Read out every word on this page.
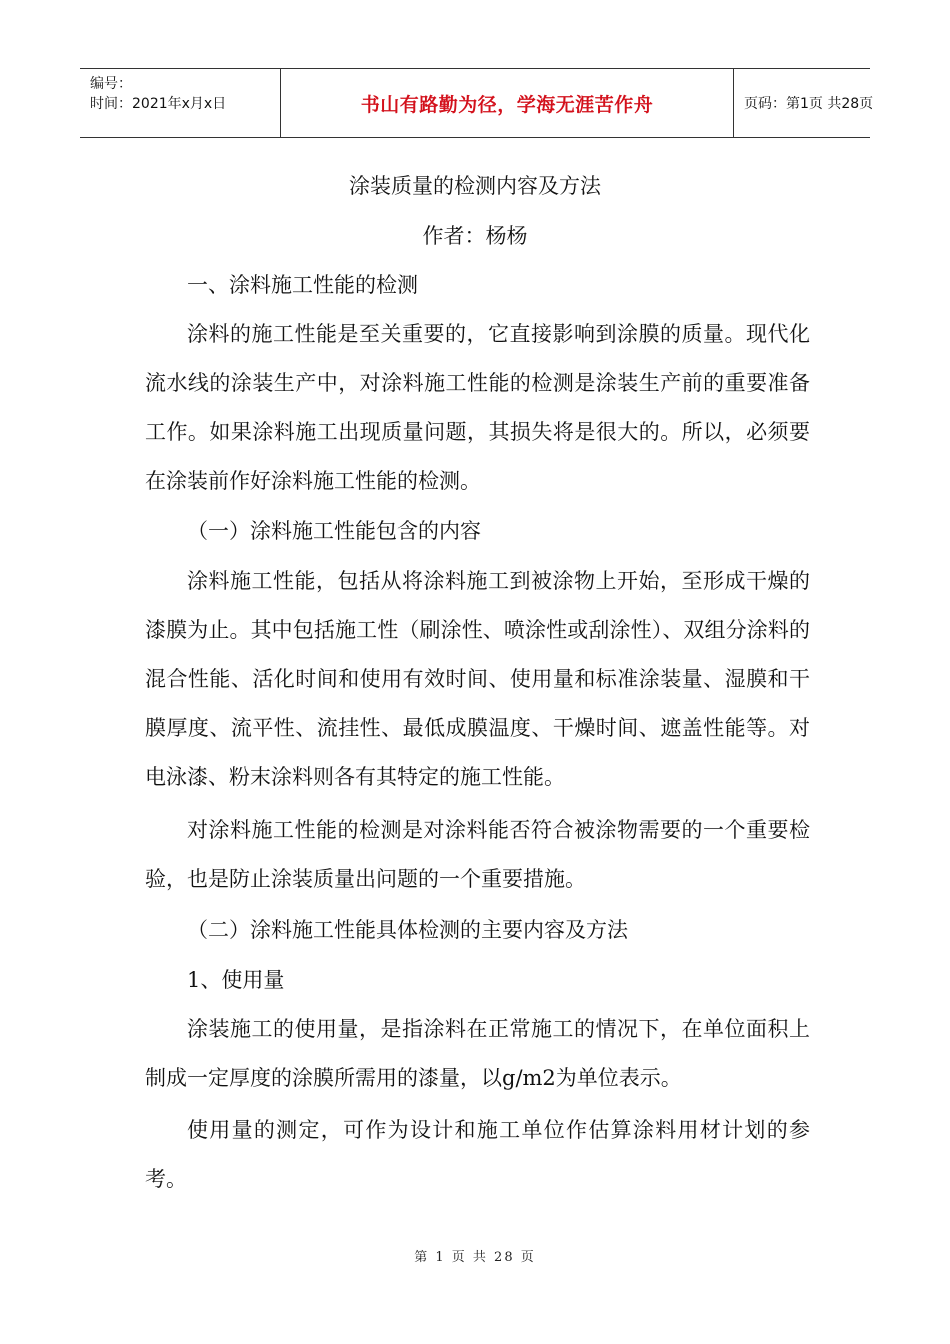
编号：
时间：2021年x月x日	书山有路勤为径，学海无涯苦作舟	页码：第1页 共28页
涂装质量的检测内容及方法
作者：杨杨

一、涂料施工性能的检测

涂料的施工性能是至关重要的，它直接影响到涂膜的质量。现代化流水线的涂装生产中，对涂料施工性能的检测是涂装生产前的重要准备工作。如果涂料施工出现质量问题，其损失将是很大的。所以，必须要在涂装前作好涂料施工性能的检测。

（一）涂料施工性能包含的内容

涂料施工性能，包括从将涂料施工到被涂物上开始，至形成干燥的漆膜为止。其中包括施工性（刷涂性、喷涂性或刮涂性）、双组分涂料的混合性能、活化时间和使用有效时间、使用量和标准涂装量、湿膜和干膜厚度、流平性、流挂性、最低成膜温度、干燥时间、遮盖性能等。对电泳漆、粉末涂料则各有其特定的施工性能。

对涂料施工性能的检测是对涂料能否符合被涂物需要的一个重要检验，也是防止涂装质量出问题的一个重要措施。

（二）涂料施工性能具体检测的主要内容及方法

1、使用量

涂装施工的使用量，是指涂料在正常施工的情况下，在单位面积上制成一定厚度的涂膜所需用的漆量，以g/m2为单位表示。

使用量的测定，可作为设计和施工单位作估算涂料用材计划的参考。

第 1 页 共 28 页
